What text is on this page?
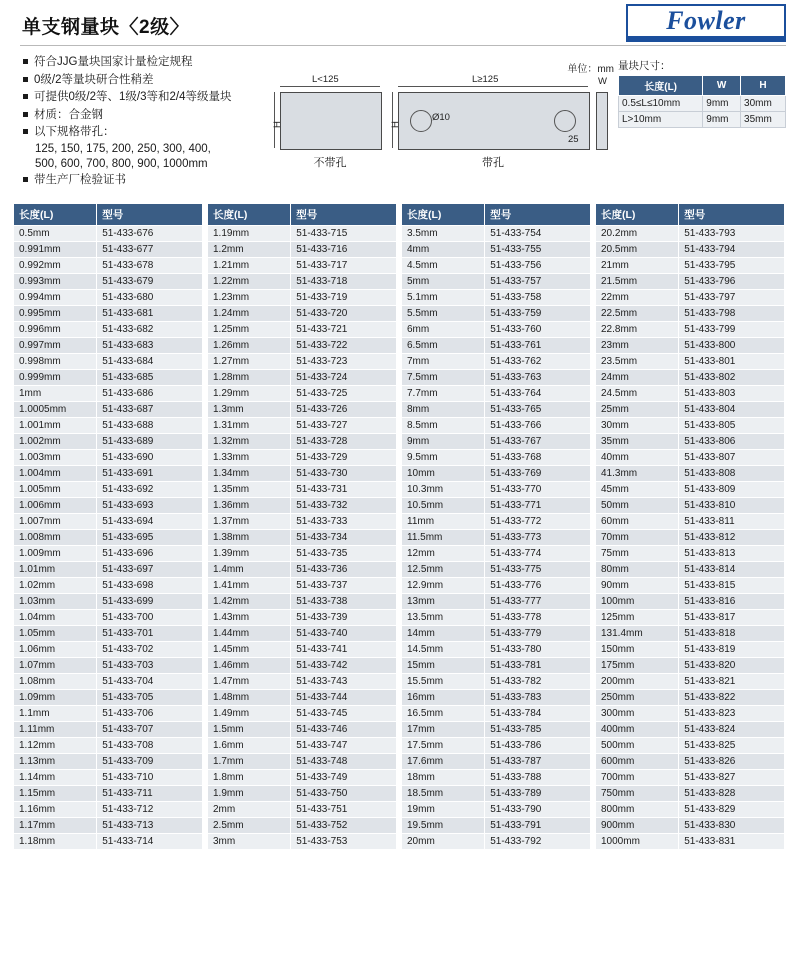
单支钢量块〈2级〉	Fowler
符合JJG量块国家计量检定规程
0级/2等量块研合性稍差
可提供0级/2等、1级/3等和2/4等级量块
材质：合金钢
以下规格带孔：
125, 150, 175, 200, 250, 300, 400,
500, 600, 700, 800, 900, 1000mm
带生产厂检验证书
单位：mm
L<125
H
不带孔
L≥125
Ø10
25
H
带孔
W
量块尺寸：
长度(L)	W	H
0.5≤L≤10mm	9mm	30mm
L>10mm	9mm	35mm
长度(L)	型号
0.5mm	51-433-676
0.991mm	51-433-677
0.992mm	51-433-678
0.993mm	51-433-679
0.994mm	51-433-680
0.995mm	51-433-681
0.996mm	51-433-682
0.997mm	51-433-683
0.998mm	51-433-684
0.999mm	51-433-685
1mm	51-433-686
1.0005mm	51-433-687
1.001mm	51-433-688
1.002mm	51-433-689
1.003mm	51-433-690
1.004mm	51-433-691
1.005mm	51-433-692
1.006mm	51-433-693
1.007mm	51-433-694
1.008mm	51-433-695
1.009mm	51-433-696
1.01mm	51-433-697
1.02mm	51-433-698
1.03mm	51-433-699
1.04mm	51-433-700
1.05mm	51-433-701
1.06mm	51-433-702
1.07mm	51-433-703
1.08mm	51-433-704
1.09mm	51-433-705
1.1mm	51-433-706
1.11mm	51-433-707
1.12mm	51-433-708
1.13mm	51-433-709
1.14mm	51-433-710
1.15mm	51-433-711
1.16mm	51-433-712
1.17mm	51-433-713
1.18mm	51-433-714
长度(L)	型号
1.19mm	51-433-715
1.2mm	51-433-716
1.21mm	51-433-717
1.22mm	51-433-718
1.23mm	51-433-719
1.24mm	51-433-720
1.25mm	51-433-721
1.26mm	51-433-722
1.27mm	51-433-723
1.28mm	51-433-724
1.29mm	51-433-725
1.3mm	51-433-726
1.31mm	51-433-727
1.32mm	51-433-728
1.33mm	51-433-729
1.34mm	51-433-730
1.35mm	51-433-731
1.36mm	51-433-732
1.37mm	51-433-733
1.38mm	51-433-734
1.39mm	51-433-735
1.4mm	51-433-736
1.41mm	51-433-737
1.42mm	51-433-738
1.43mm	51-433-739
1.44mm	51-433-740
1.45mm	51-433-741
1.46mm	51-433-742
1.47mm	51-433-743
1.48mm	51-433-744
1.49mm	51-433-745
1.5mm	51-433-746
1.6mm	51-433-747
1.7mm	51-433-748
1.8mm	51-433-749
1.9mm	51-433-750
2mm	51-433-751
2.5mm	51-433-752
3mm	51-433-753
长度(L)	型号
3.5mm	51-433-754
4mm	51-433-755
4.5mm	51-433-756
5mm	51-433-757
5.1mm	51-433-758
5.5mm	51-433-759
6mm	51-433-760
6.5mm	51-433-761
7mm	51-433-762
7.5mm	51-433-763
7.7mm	51-433-764
8mm	51-433-765
8.5mm	51-433-766
9mm	51-433-767
9.5mm	51-433-768
10mm	51-433-769
10.3mm	51-433-770
10.5mm	51-433-771
11mm	51-433-772
11.5mm	51-433-773
12mm	51-433-774
12.5mm	51-433-775
12.9mm	51-433-776
13mm	51-433-777
13.5mm	51-433-778
14mm	51-433-779
14.5mm	51-433-780
15mm	51-433-781
15.5mm	51-433-782
16mm	51-433-783
16.5mm	51-433-784
17mm	51-433-785
17.5mm	51-433-786
17.6mm	51-433-787
18mm	51-433-788
18.5mm	51-433-789
19mm	51-433-790
19.5mm	51-433-791
20mm	51-433-792
长度(L)	型号
20.2mm	51-433-793
20.5mm	51-433-794
21mm	51-433-795
21.5mm	51-433-796
22mm	51-433-797
22.5mm	51-433-798
22.8mm	51-433-799
23mm	51-433-800
23.5mm	51-433-801
24mm	51-433-802
24.5mm	51-433-803
25mm	51-433-804
30mm	51-433-805
35mm	51-433-806
40mm	51-433-807
41.3mm	51-433-808
45mm	51-433-809
50mm	51-433-810
60mm	51-433-811
70mm	51-433-812
75mm	51-433-813
80mm	51-433-814
90mm	51-433-815
100mm	51-433-816
125mm	51-433-817
131.4mm	51-433-818
150mm	51-433-819
175mm	51-433-820
200mm	51-433-821
250mm	51-433-822
300mm	51-433-823
400mm	51-433-824
500mm	51-433-825
600mm	51-433-826
700mm	51-433-827
750mm	51-433-828
800mm	51-433-829
900mm	51-433-830
1000mm	51-433-831
